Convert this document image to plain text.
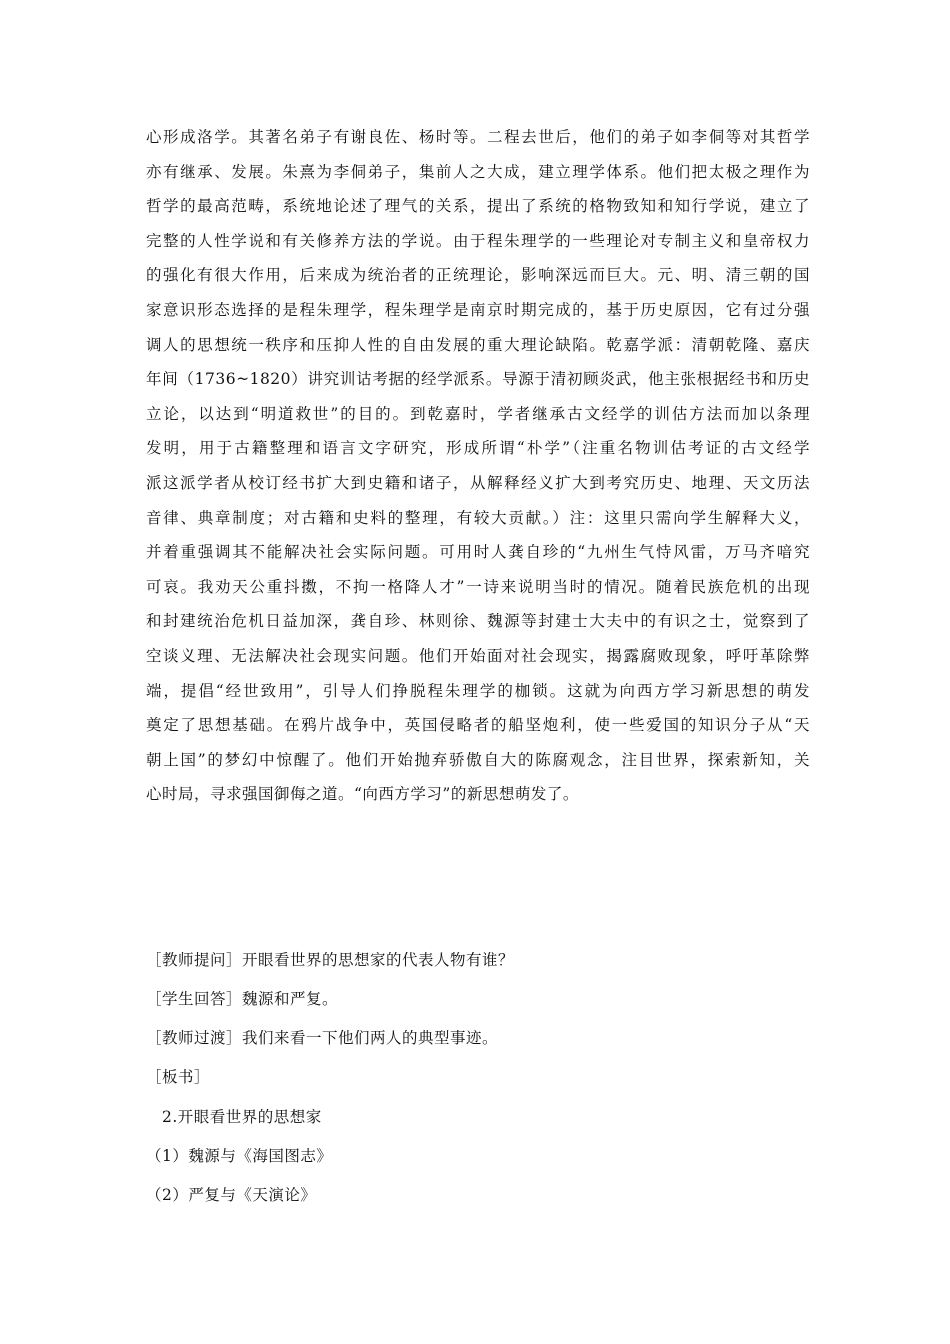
心形成洛学。其著名弟子有谢良佐、杨时等。二程去世后，他们的弟子如李侗等对其哲学
亦有继承、发展。朱熹为李侗弟子，集前人之大成，建立理学体系。他们把太极之理作为
哲学的最高范畴，系统地论述了理气的关系，提出了系统的格物致知和知行学说，建立了
完整的人性学说和有关修养方法的学说。由于程朱理学的一些理论对专制主义和皇帝权力
的强化有很大作用，后来成为统治者的正统理论，影响深远而巨大。元、明、清三朝的国
家意识形态选择的是程朱理学，程朱理学是南京时期完成的，基于历史原因，它有过分强
调人的思想统一秩序和压抑人性的自由发展的重大理论缺陷。乾嘉学派：清朝乾隆、嘉庆
年间（1736~1820）讲究训诂考据的经学派系。导源于清初顾炎武，他主张根据经书和历史
立论，以达到“明道救世”的目的。到乾嘉时，学者继承古文经学的训估方法而加以条理
发明，用于古籍整理和语言文字研究，形成所谓“朴学”（注重名物训估考证的古文经学
派这派学者从校订经书扩大到史籍和诸子，从解释经义扩大到考究历史、地理、天文历法
音律、典章制度；对古籍和史料的整理，有较大贡献。）注：这里只需向学生解释大义，
并着重强调其不能解决社会实际问题。可用时人龚自珍的“九州生气恃风雷，万马齐喑究
可哀。我劝天公重抖擞，不拘一格降人才”一诗来说明当时的情况。随着民族危机的出现
和封建统治危机日益加深，龚自珍、林则徐、魏源等封建士大夫中的有识之士，觉察到了
空谈义理、无法解决社会现实问题。他们开始面对社会现实，揭露腐败现象，呼吁革除弊
端，提倡“经世致用”，引导人们挣脱程朱理学的枷锁。这就为向西方学习新思想的萌发
奠定了思想基础。在鸦片战争中，英国侵略者的船坚炮利，使一些爱国的知识分子从“天
朝上国”的梦幻中惊醒了。他们开始抛弃骄傲自大的陈腐观念，注目世界，探索新知，关
心时局，寻求强国御侮之道。“向西方学习”的新思想萌发了。
［教师提问］开眼看世界的思想家的代表人物有谁？
［学生回答］魏源和严复。
［教师过渡］我们来看一下他们两人的典型事迹。
［板书］
2.开眼看世界的思想家
（1）魏源与《海国图志》
（2）严复与《天演论》
